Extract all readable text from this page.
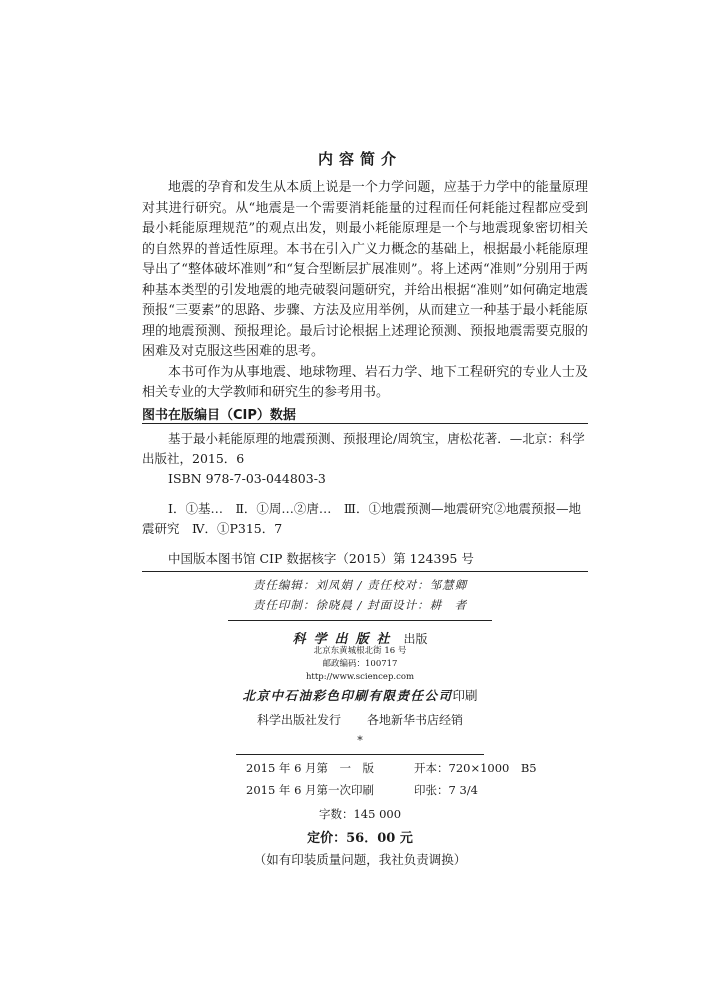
内容简介

地震的孕育和发生从本质上说是一个力学问题，应基于力学中的能量原理对其进行研究。从“地震是一个需要消耗能量的过程而任何耗能过程都应受到最小耗能原理规范”的观点出发，则最小耗能原理是一个与地震现象密切相关的自然界的普适性原理。本书在引入广义力概念的基础上，根据最小耗能原理导出了“整体破坏准则”和“复合型断层扩展准则”。将上述两“准则”分别用于两种基本类型的引发地震的地壳破裂问题研究，并给出根据“准则”如何确定地震预报“三要素”的思路、步骤、方法及应用举例，从而建立一种基于最小耗能原理的地震预测、预报理论。最后讨论根据上述理论预测、预报地震需要克服的困难及对克服这些困难的思考。

本书可作为从事地震、地球物理、岩石力学、地下工程研究的专业人士及相关专业的大学教师和研究生的参考用书。

图书在版编目（CIP）数据

基于最小耗能原理的地震预测、预报理论/周筑宝，唐松花著．—北京：科学出版社，2015．6

ISBN 978-7-03-044803-3

Ⅰ．①基…　Ⅱ．①周…②唐…　Ⅲ．①地震预测—地震研究②地震预报—地震研究　Ⅳ．①P315．7

中国版本图书馆 CIP 数据核字（2015）第 124395 号
责任编辑：刘凤娟 / 责任校对：邹慧卿
责任印制：徐晓晨 / 封面设计：耕　者
科学出版社 出版
北京东黄城根北街 16 号
邮政编码：100717
http://www.sciencep.com
北京中石油彩色印刷有限责任公司印刷
科学出版社发行 各地新华书店经销
*
2015 年 6 月第　一　版	开本：720×1000　B5
2015 年 6 月第一次印刷	印张：7 3/4
字数：145 000
定价：56．00 元
（如有印装质量问题，我社负责调换）
